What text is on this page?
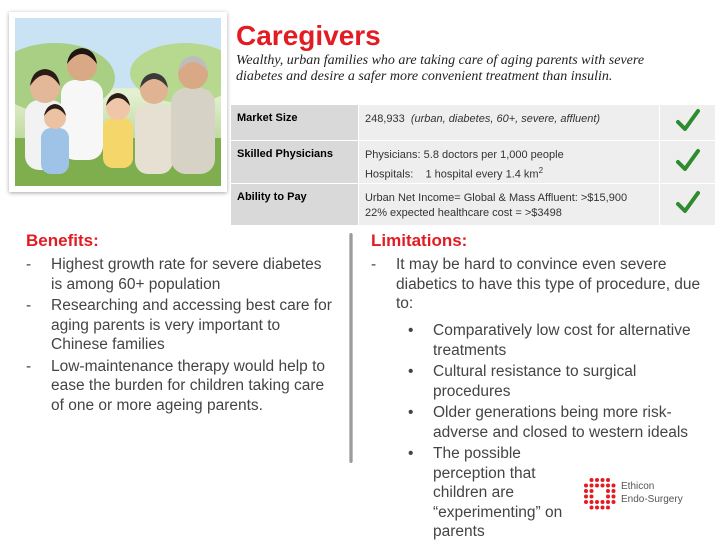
Caregivers
Wealthy, urban families who are taking care of aging parents with severe diabetes and desire a safer more convenient treatment than insulin.
Market Size	248,933 (urban, diabetes, 60+, severe, affluent)	
Skilled Physicians	Physicians: 5.8 doctors per 1,000 people
Hospitals:    1 hospital every 1.4 $km^2$

Ability to Pay	Urban Net Income= Global & Mass Affluent: >$15,900
22% expected healthcare cost = >$3498

Benefits:
- Highest growth rate for severe diabetes is among 60+ population
- Researching and accessing best care for aging parents is very important to Chinese families
- Low-maintenance therapy would help to ease the burden for children taking care of one or more ageing parents.
Limitations:
- It may be hard to convince even severe diabetics to have this type of procedure, due to:
• Comparatively low cost for alternative treatments
• Cultural resistance to surgical procedures
• Older generations being more risk-adverse and closed to western ideals
• The possible perception that children are “experimenting” on parents
Ethicon
Endo-Surgery
